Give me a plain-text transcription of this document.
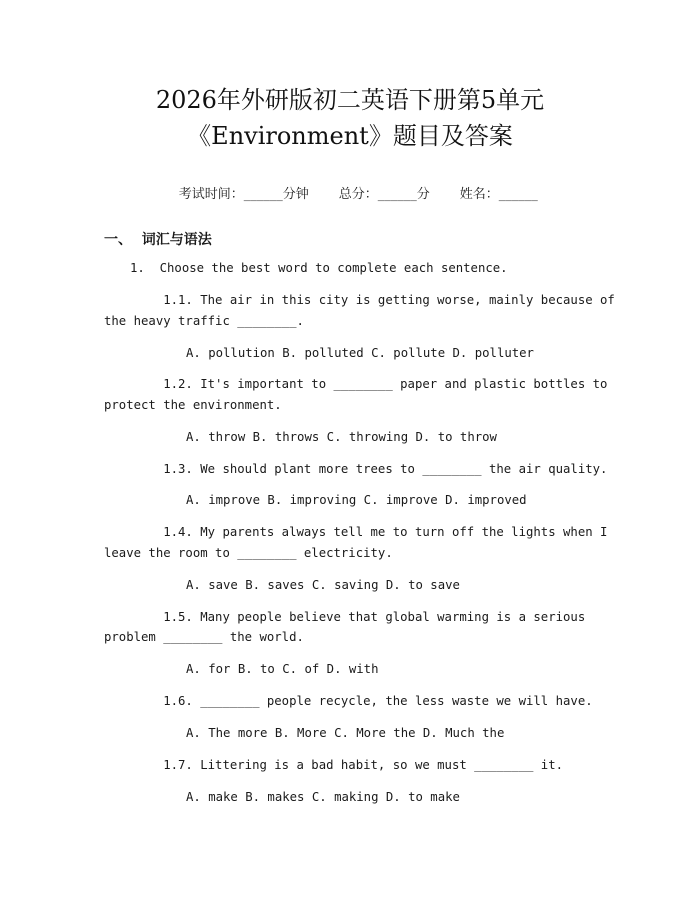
2026年外研版初二英语下册第5单元
《Environment》题目及答案

考试时间：______分钟 总分：______分 姓名：______

一、  词汇与语法
1.  Choose the best word to complete each sentence.
1.1. The air in this city is getting worse, mainly because of
the heavy traffic ________.
A. pollution B. polluted C. pollute D. polluter
1.2. It's important to ________ paper and plastic bottles to
protect the environment.
A. throw B. throws C. throwing D. to throw
1.3. We should plant more trees to ________ the air quality.
A. improve B. improving C. improve D. improved
1.4. My parents always tell me to turn off the lights when I
leave the room to ________ electricity.
A. save B. saves C. saving D. to save
1.5. Many people believe that global warming is a serious
problem ________ the world.
A. for B. to C. of D. with
1.6. ________ people recycle, the less waste we will have.
A. The more B. More C. More the D. Much the
1.7. Littering is a bad habit, so we must ________ it.
A. make B. makes C. making D. to make
